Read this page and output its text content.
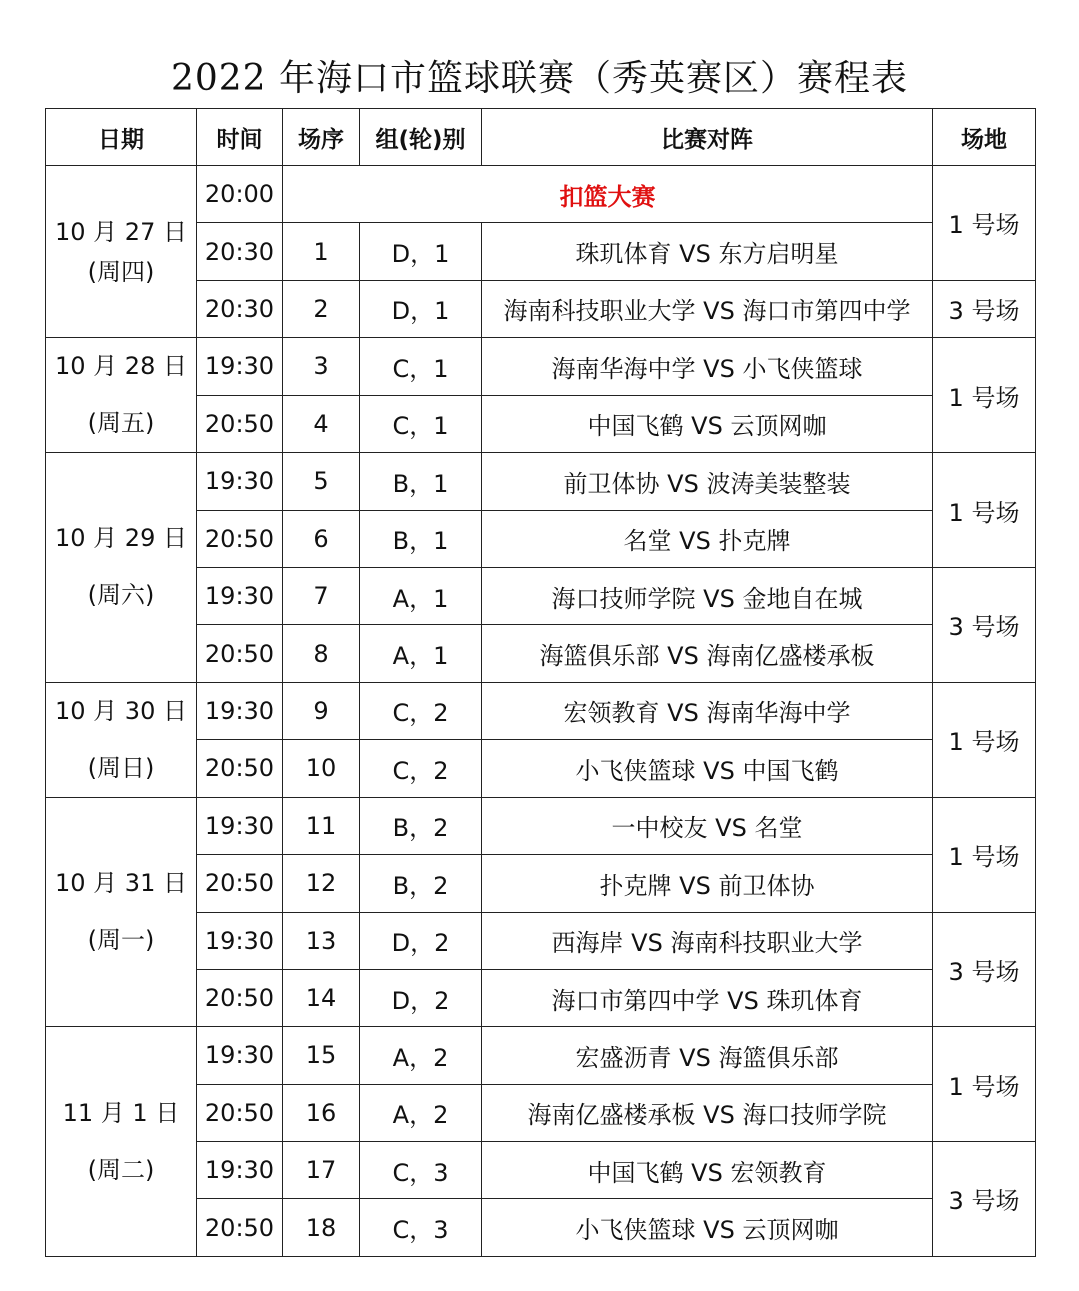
2022 年海口市篮球联赛（秀英赛区）赛程表
日期	时间	场序	组(轮)别	比赛对阵	场地

10 月 27 日
(周四)	20:00	扣篮大赛			1 号场
	20:30	1	D，1	珠玑体育 VS 东方启明星	
	20:30	2	D，1	海南科技职业大学 VS 海口市第四中学	3 号场

10 月 28 日
(周五)	19:30	3	C，1	海南华海中学 VS 小飞侠篮球	1 号场
	20:50	4	C，1	中国飞鹤 VS 云顶网咖	

10 月 29 日
(周六)	19:30	5	B，1	前卫体协 VS 波涛美装整装	1 号场
	20:50	6	B，1	名堂 VS 扑克牌	
	19:30	7	A，1	海口技师学院 VS 金地自在城	3 号场
	20:50	8	A，1	海篮俱乐部 VS 海南亿盛楼承板	

10 月 30 日
(周日)	19:30	9	C，2	宏领教育 VS 海南华海中学	1 号场
	20:50	10	C，2	小飞侠篮球 VS 中国飞鹤	

10 月 31 日
(周一)	19:30	11	B，2	一中校友 VS 名堂	1 号场
	20:50	12	B，2	扑克牌 VS 前卫体协	
	19:30	13	D，2	西海岸 VS 海南科技职业大学	3 号场
	20:50	14	D，2	海口市第四中学 VS 珠玑体育	

11 月 1 日
(周二)	19:30	15	A，2	宏盛沥青 VS 海篮俱乐部	1 号场
	20:50	16	A，2	海南亿盛楼承板 VS 海口技师学院	
	19:30	17	C，3	中国飞鹤 VS 宏领教育	3 号场
	20:50	18	C，3	小飞侠篮球 VS 云顶网咖	
